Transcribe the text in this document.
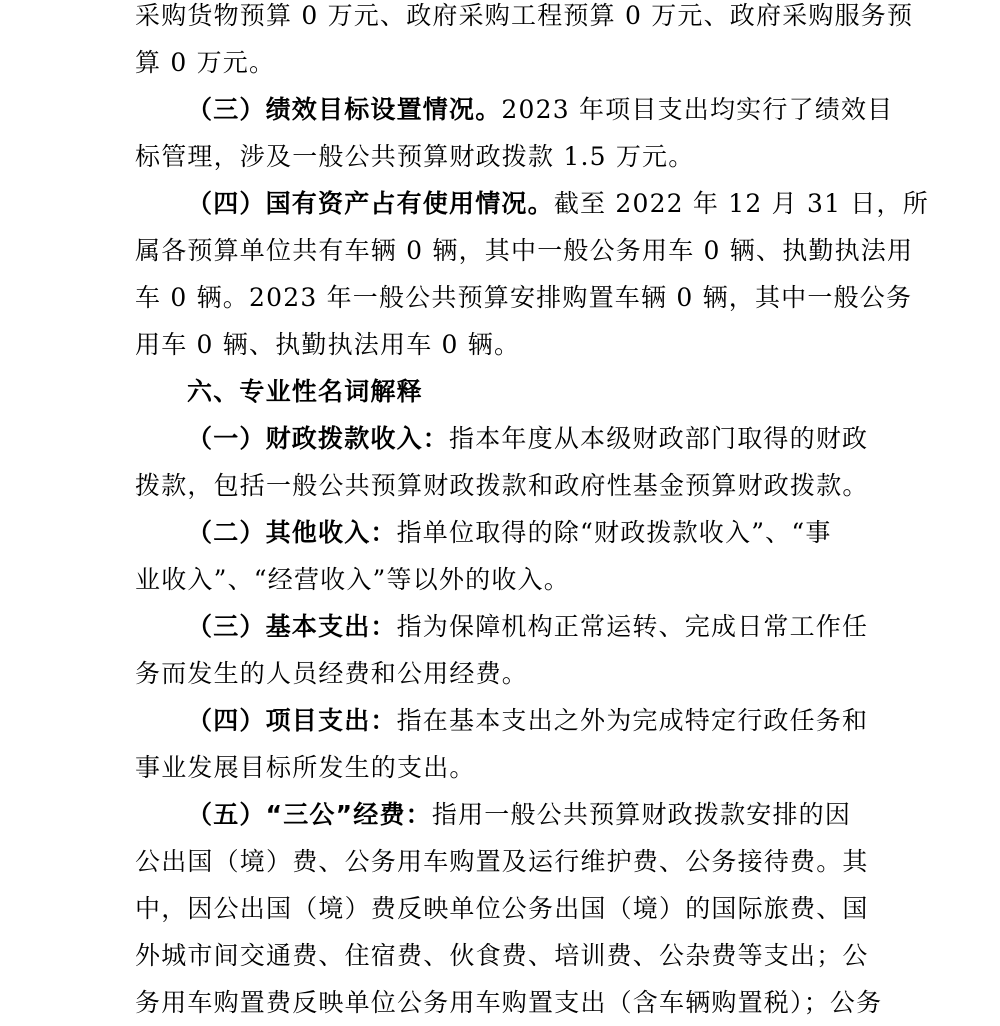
采购货物预算 0 万元、政府采购工程预算 0 万元、政府采购服务预
算 0 万元。
（三）绩效目标设置情况。2023 年项目支出均实行了绩效目
标管理，涉及一般公共预算财政拨款 1.5 万元。
（四）国有资产占有使用情况。截至 2022 年 12 月 31 日，所
属各预算单位共有车辆 0 辆，其中一般公务用车 0 辆、执勤执法用
车 0 辆。2023 年一般公共预算安排购置车辆 0 辆，其中一般公务
用车 0 辆、执勤执法用车 0 辆。
六、专业性名词解释
（一）财政拨款收入：指本年度从本级财政部门取得的财政
拨款，包括一般公共预算财政拨款和政府性基金预算财政拨款。
（二）其他收入：指单位取得的除“财政拨款收入”、“事
业收入”、“经营收入”等以外的收入。
（三）基本支出：指为保障机构正常运转、完成日常工作任
务而发生的人员经费和公用经费。
（四）项目支出：指在基本支出之外为完成特定行政任务和
事业发展目标所发生的支出。
（五）“三公”经费：指用一般公共预算财政拨款安排的因
公出国（境）费、公务用车购置及运行维护费、公务接待费。其
中，因公出国（境）费反映单位公务出国（境）的国际旅费、国
外城市间交通费、住宿费、伙食费、培训费、公杂费等支出；公
务用车购置费反映单位公务用车购置支出（含车辆购置税）；公务
